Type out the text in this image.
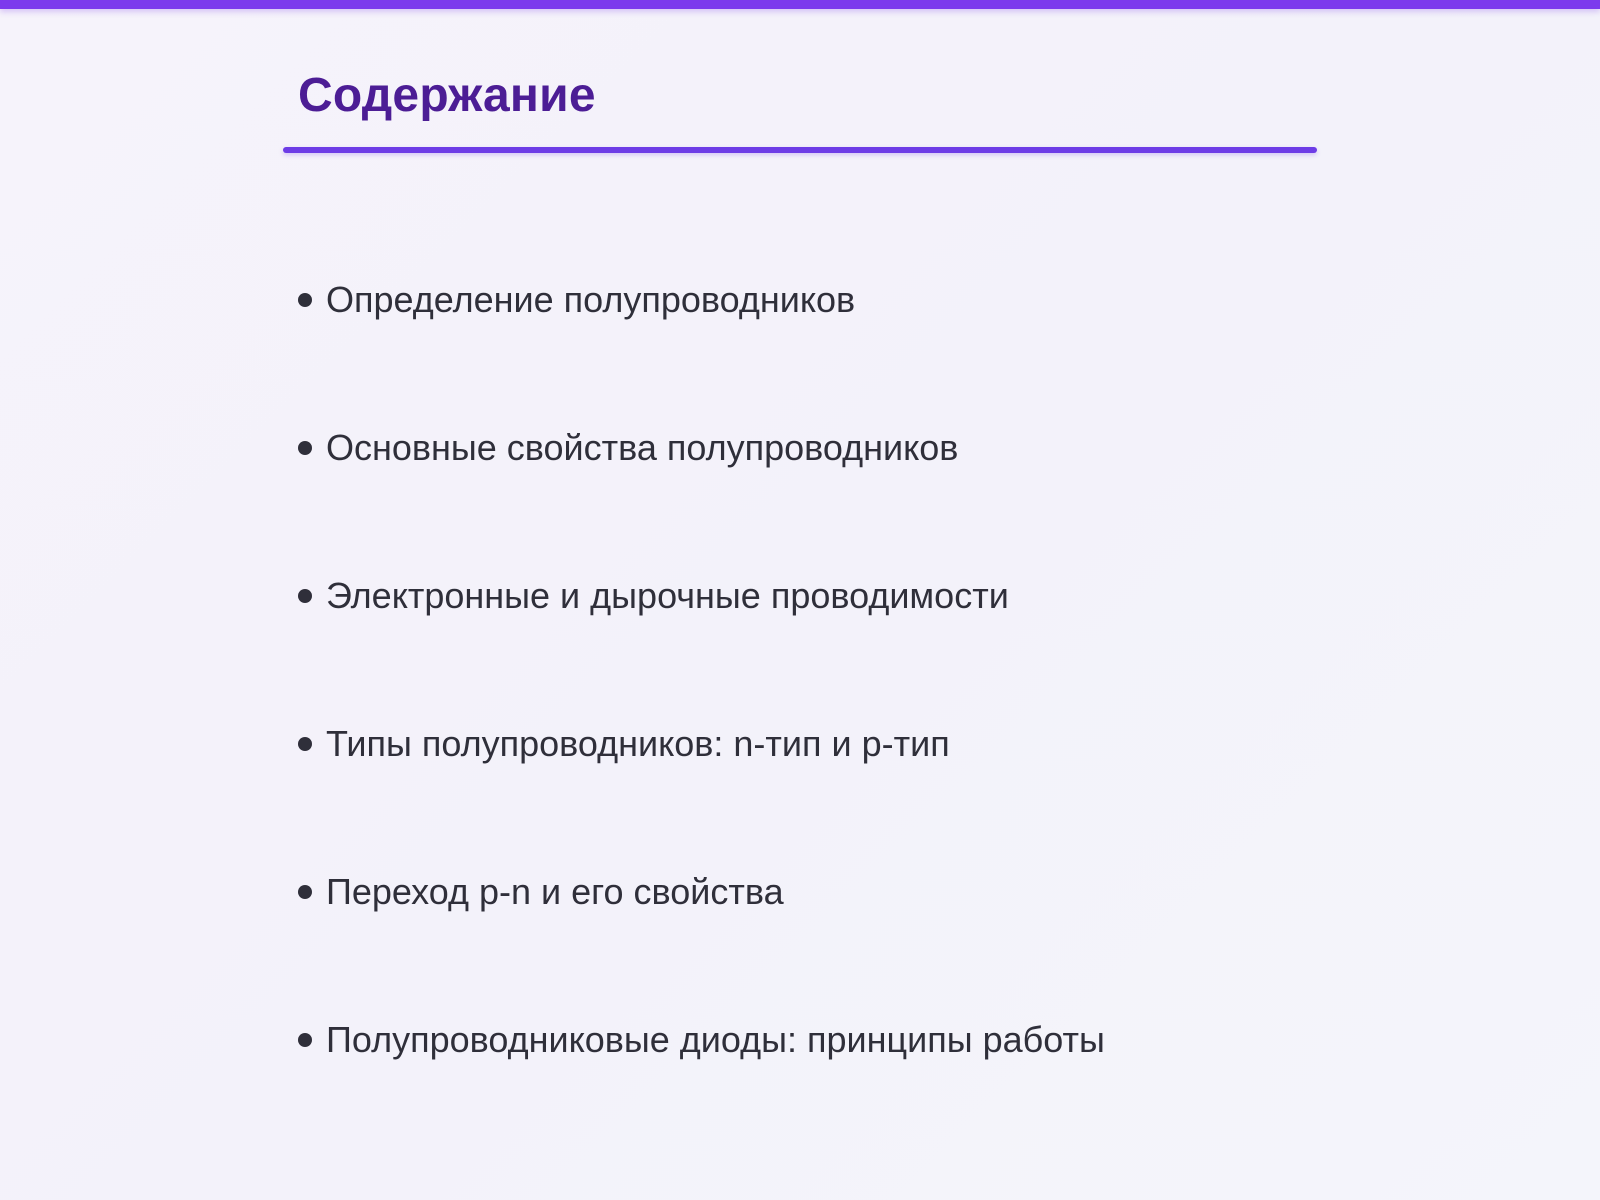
Содержание
Определение полупроводников
Основные свойства полупроводников
Электронные и дырочные проводимости
Типы полупроводников: n-тип и p-тип
Переход p-n и его свойства
Полупроводниковые диоды: принципы работы
